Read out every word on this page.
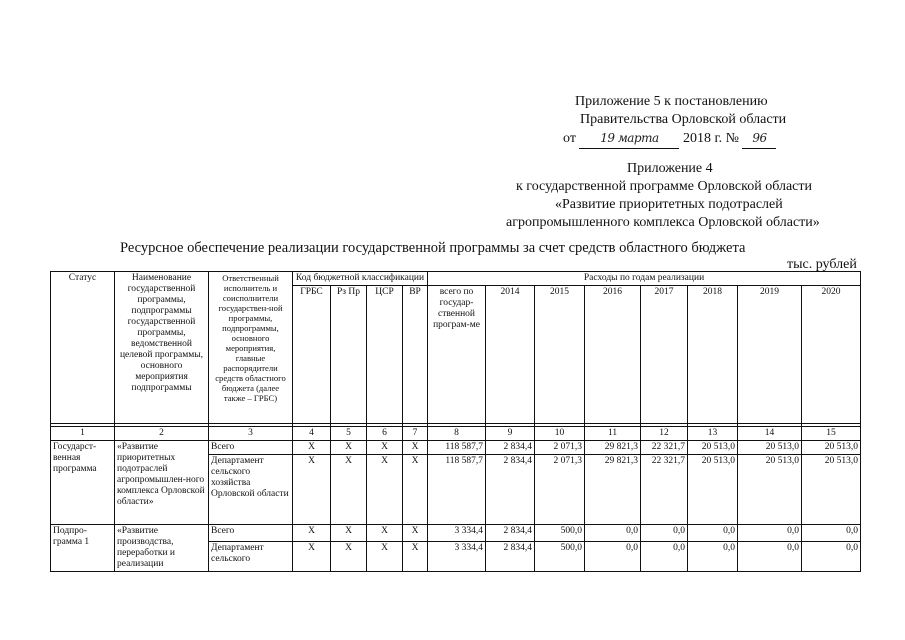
Приложение 5 к постановлению
Правительства Орловской области
от 19 марта 2018 г. № 96
Приложение 4
к государственной программе Орловской области
«Развитие приоритетных подотраслей
агропромышленного комплекса Орловской области»
Ресурсное обеспечение реализации государственной программы за счет средств областного бюджета
тыс. рублей
Статус	Наименование государственной программы, подпрограммы государственной программы, ведомственной целевой программы, основного мероприятия подпрограммы	Ответственный исполнитель и соисполнители государствен-ной программы, подпрограммы, основного мероприятия, главные распорядители средств областного бюджета (далее также – ГРБС)	Код бюджетной классификации				Расходы по годам реализации							
			ГРБС	Рз Пр	ЦСР	ВР	всего по государ-ственной програм-ме	2014	2015	2016	2017	2018	2019	2020

1	2	3	4	5	6	7	8	9	10	11	12	13	14	15
Государст-венная программа	«Развитие приоритетных подотраслей агропромышлен-ного комплекса Орловской области»	Всего	X	X	X	X	118 587,7	2 834,4	2 071,3	29 821,3	22 321,7	20 513,0	20 513,0	20 513,0
		Департамент сельского хозяйства Орловской области	X	X	X	X	118 587,7	2 834,4	2 071,3	29 821,3	22 321,7	20 513,0	20 513,0	20 513,0
Подпро-грамма 1	«Развитие производства, переработки и реализации	Всего	X	X	X	X	3 334,4	2 834,4	500,0	0,0	0,0	0,0	0,0	0,0
		Департамент сельского	X	X	X	X	3 334,4	2 834,4	500,0	0,0	0,0	0,0	0,0	0,0
